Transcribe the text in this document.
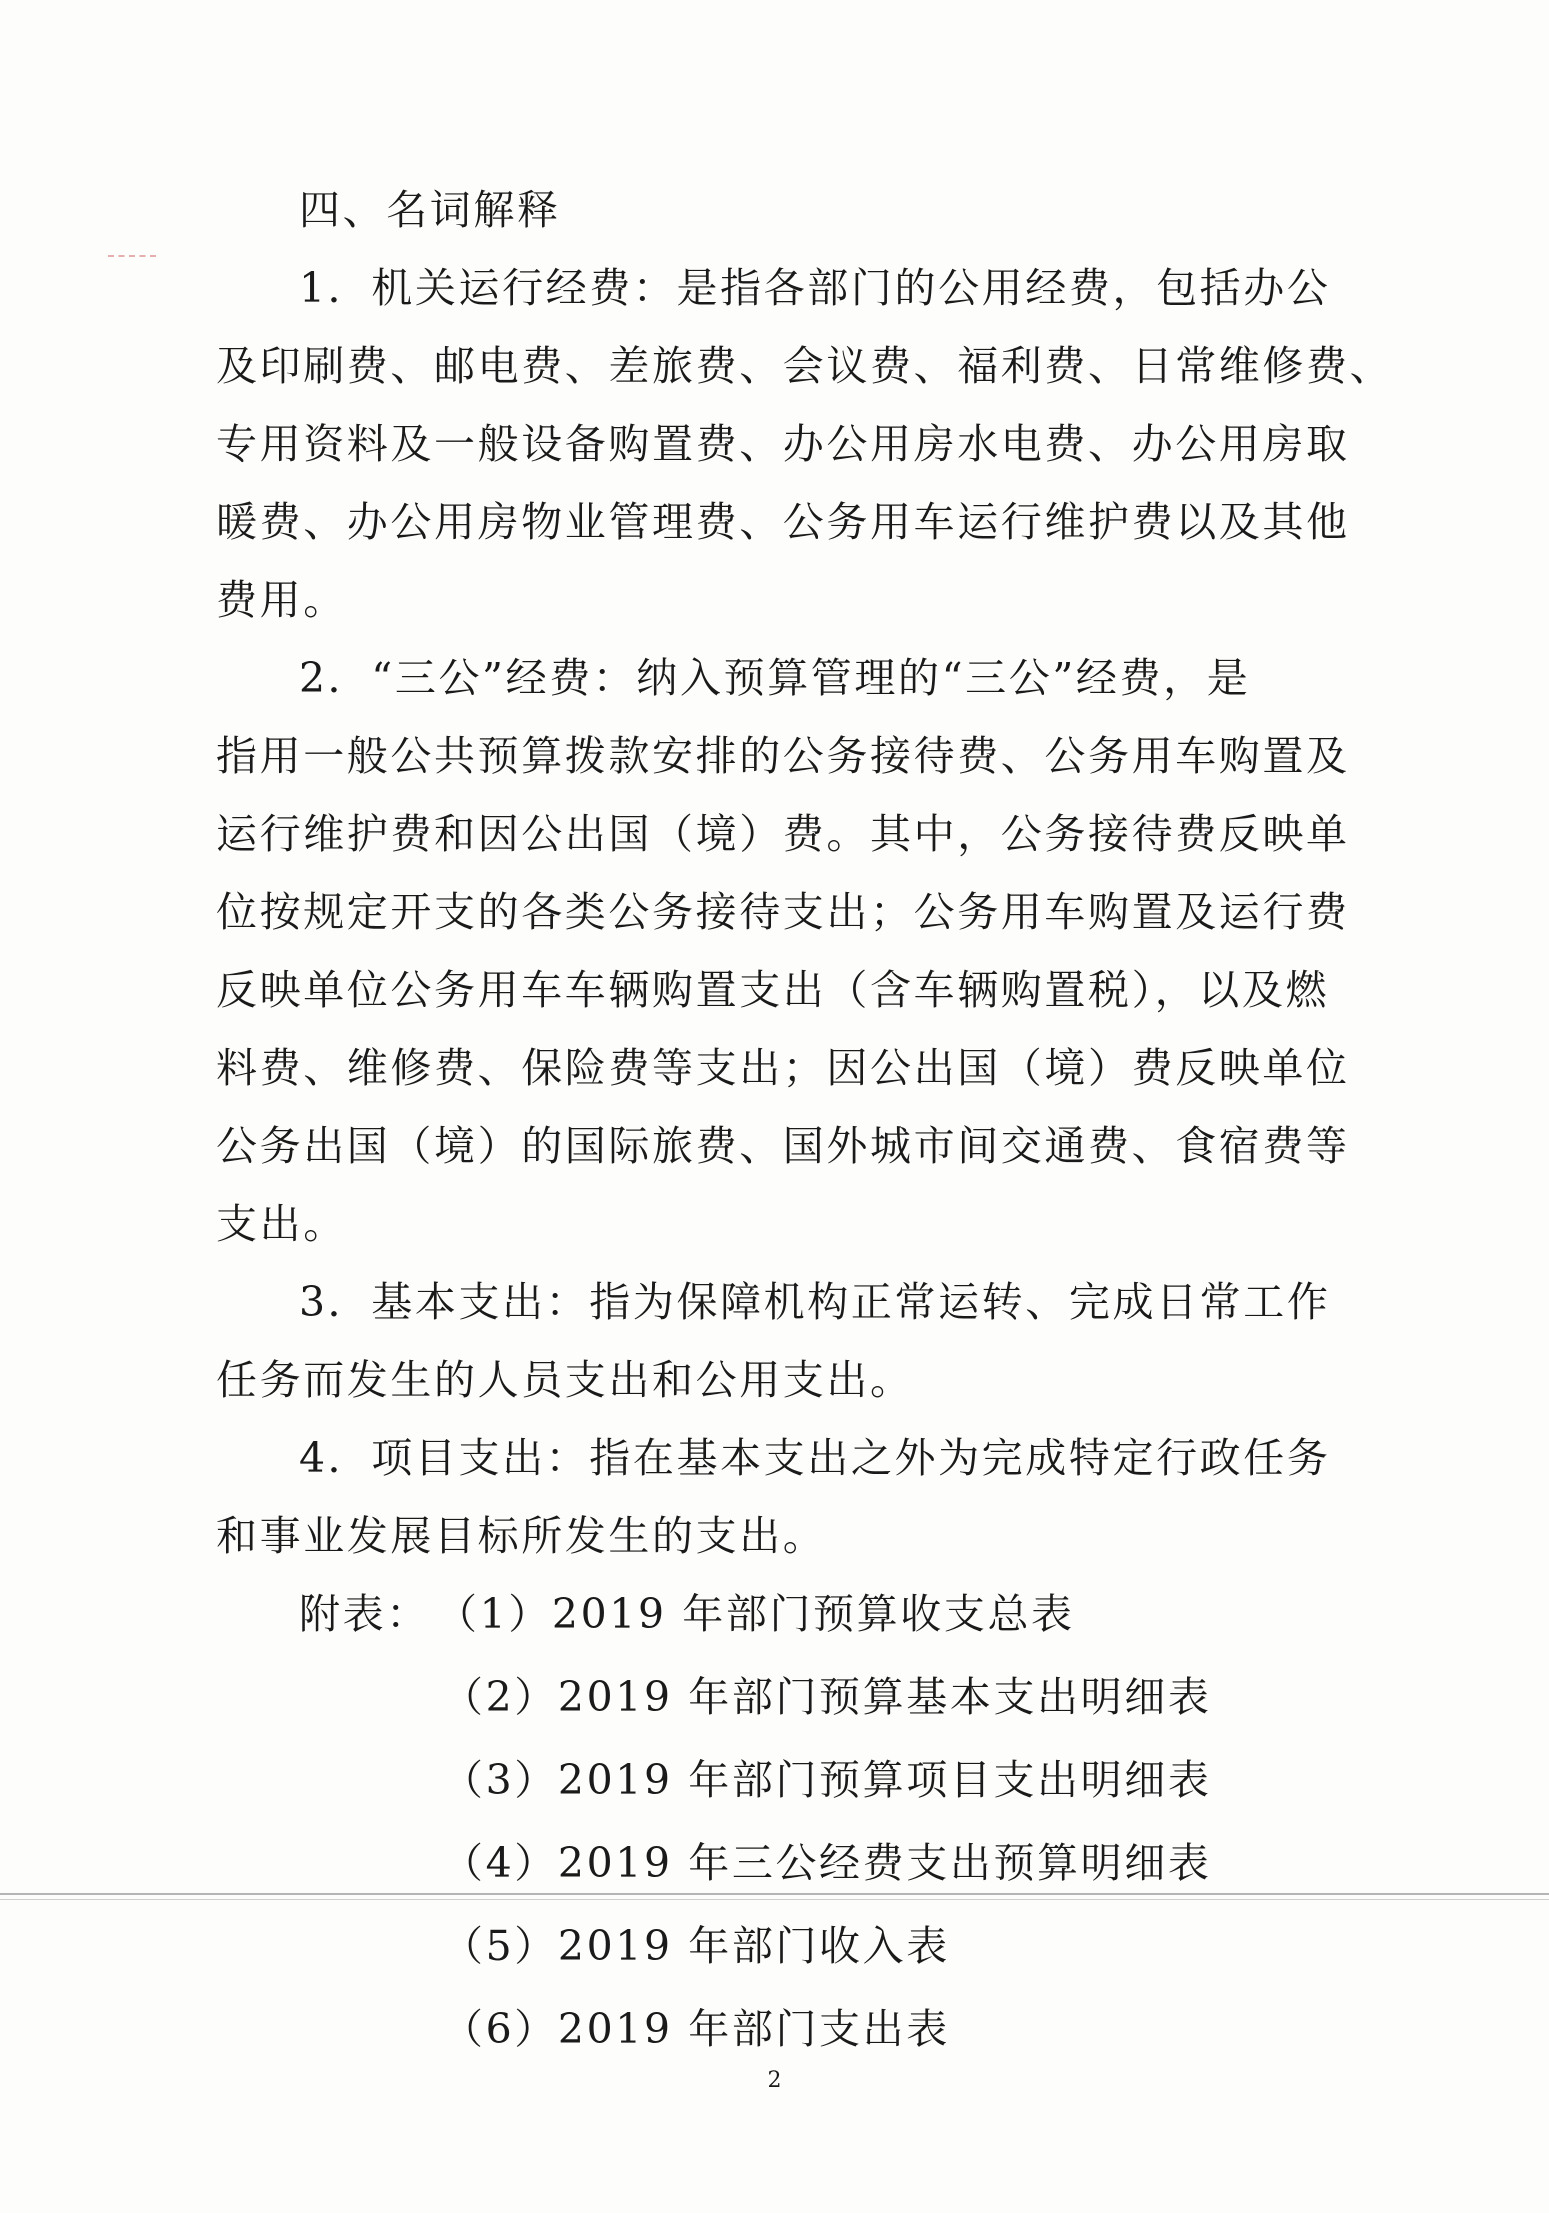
四、名词解释
1．机关运行经费：是指各部门的公用经费，包括办公
及印刷费、邮电费、差旅费、会议费、福利费、日常维修费、
专用资料及一般设备购置费、办公用房水电费、办公用房取
暖费、办公用房物业管理费、公务用车运行维护费以及其他
费用。
2．“三公”经费：纳入预算管理的“三公”经费，是
指用一般公共预算拨款安排的公务接待费、公务用车购置及
运行维护费和因公出国（境）费。其中，公务接待费反映单
位按规定开支的各类公务接待支出；公务用车购置及运行费
反映单位公务用车车辆购置支出（含车辆购置税），以及燃
料费、维修费、保险费等支出；因公出国（境）费反映单位
公务出国（境）的国际旅费、国外城市间交通费、食宿费等
支出。
3．基本支出：指为保障机构正常运转、完成日常工作
任务而发生的人员支出和公用支出。
4．项目支出：指在基本支出之外为完成特定行政任务
和事业发展目标所发生的支出。
附表： （1）2019 年部门预算收支总表
（2）2019 年部门预算基本支出明细表
（3）2019 年部门预算项目支出明细表
（4）2019 年三公经费支出预算明细表
（5）2019 年部门收入表
（6）2019 年部门支出表
2
